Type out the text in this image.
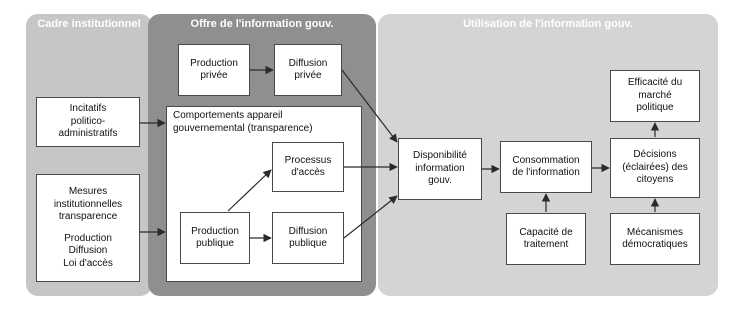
Cadre institutionnel	Offre de l'information gouv.	Utilisation de l'information gouv.
Incitatifs
politico-
administratifs
Mesures
institutionnelles
transparence
Production
Diffusion
Loi d'accès
Production
privée
Diffusion
privée
Comportements appareil
gouvernemental (transparence)
Processus
d'accès
Production
publique
Diffusion
publique
Disponibilité
information
gouv.
Consommation
de l'information
Capacité de
traitement
Efficacité du
marché
politique
Décisions
(éclairées) des
citoyens
Mécanismes
démocratiques
